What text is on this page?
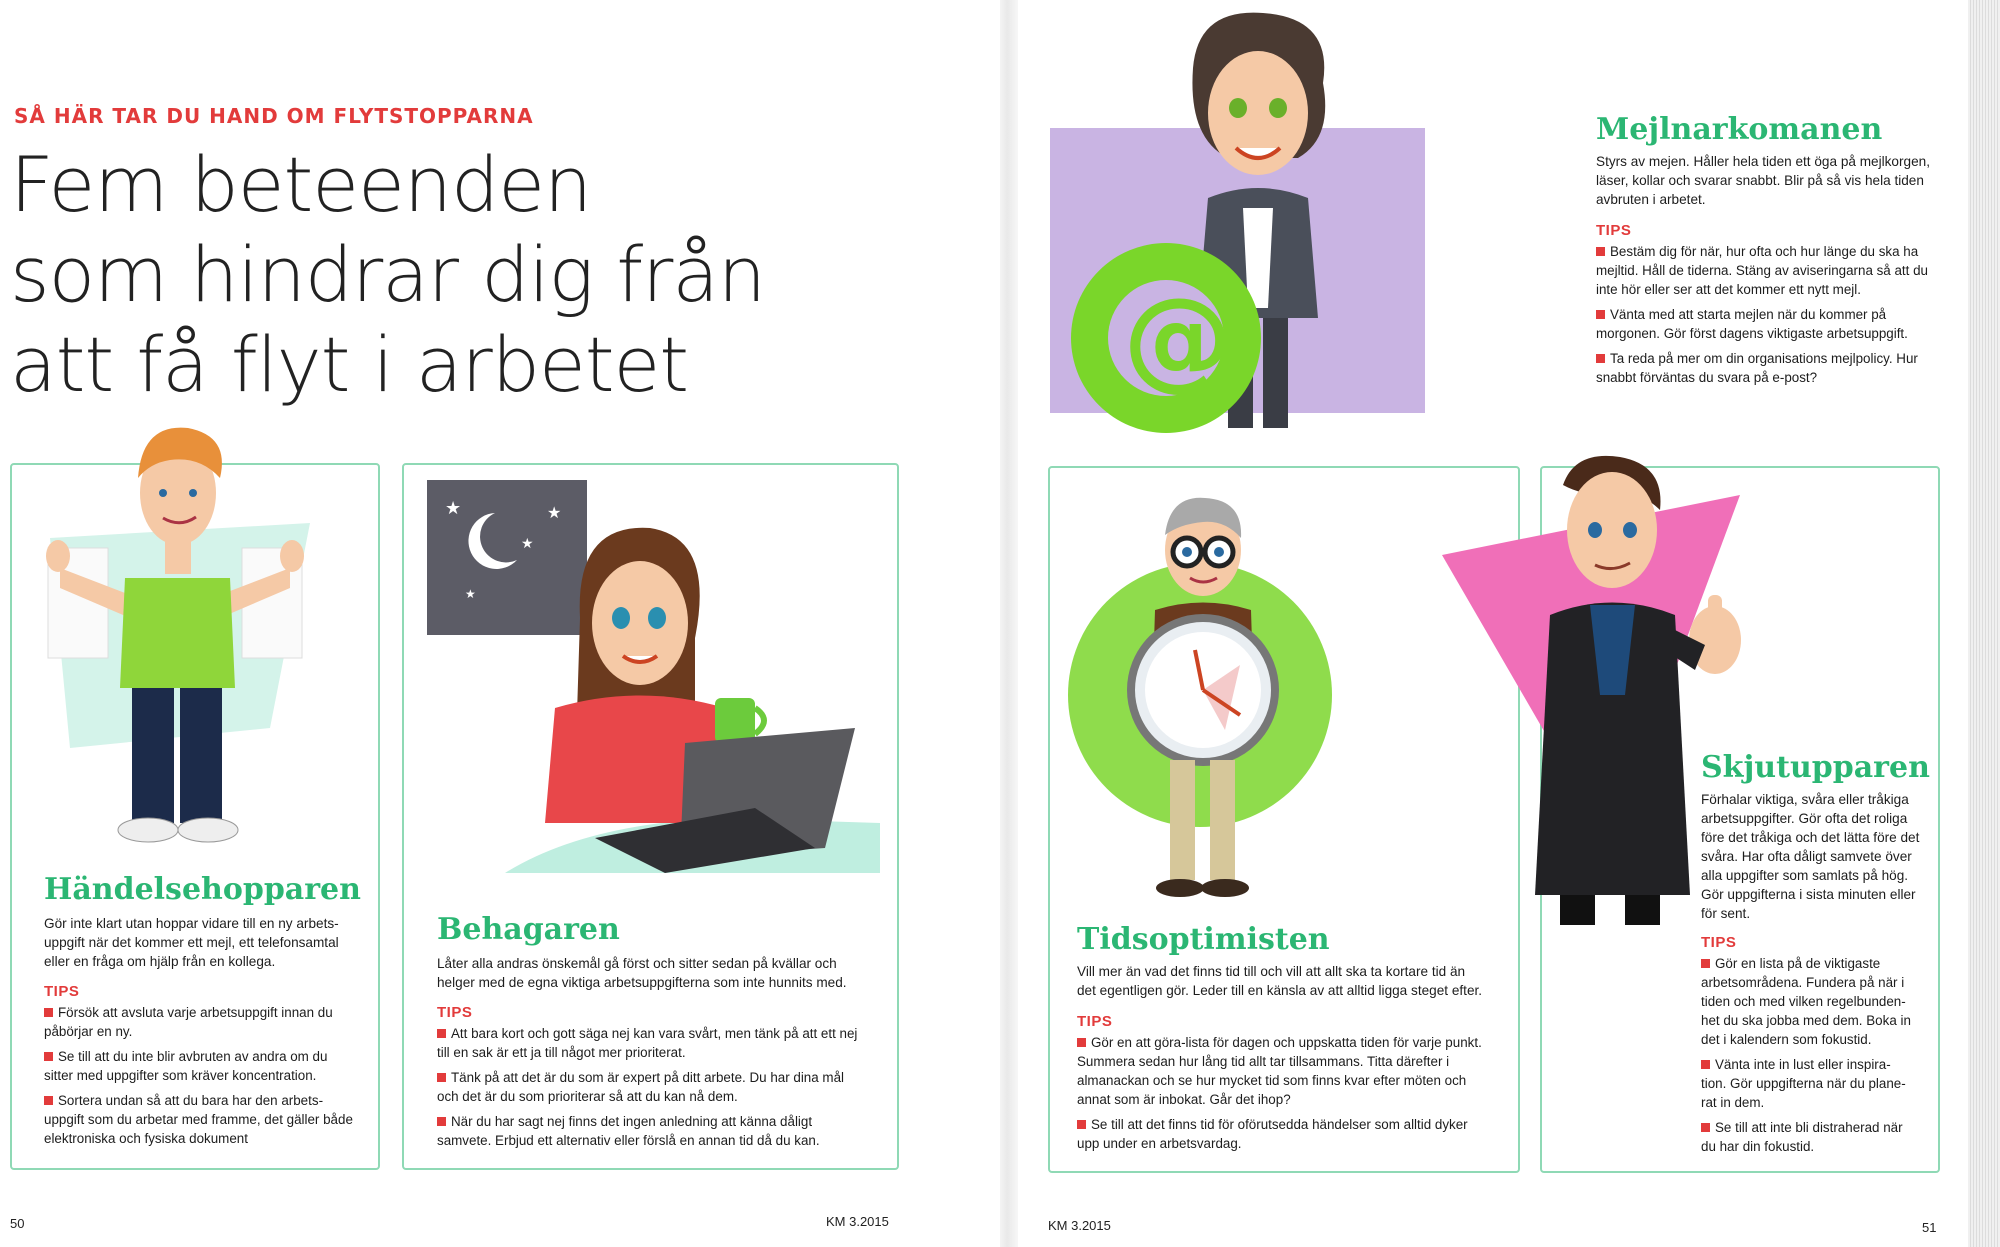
SÅ HÄR TAR DU HAND OM FLYTSTOPPARNA
Fem beteenden
som hindrar dig från
att få flyt i arbetet
Händelsehopparen
Gör inte klart utan hoppar vidare till en ny arbetsuppgift när det kommer ett mejl, ett telefonsamtal eller en fråga om hjälp från en kollega.
TIPS
Försök att avsluta varje arbetsuppgift innan du påbörjar en ny.
Se till att du inte blir avbruten av andra om du sitter med uppgifter som kräver koncentration.
Sortera undan så att du bara har den arbetsuppgift som du arbetar med framme, det gäller både elektroniska och fysiska dokument
★	★
★
★
Behagaren
Låter alla andras önskemål gå först och sitter sedan på kvällar och helger med de egna viktiga arbetsuppgifterna som inte hunnits med.
TIPS
Att bara kort och gott säga nej kan vara svårt, men tänk på att ett nej till en sak är ett ja till något mer prioriterat.
Tänk på att det är du som är expert på ditt arbete. Du har dina mål och det är du som prioriterar så att du kan nå dem.
När du har sagt nej finns det ingen anledning att känna dåligt samvete. Erbjud ett alternativ eller förslå en annan tid då du kan.
50	KM 3.2015
@
Mejlnarkomanen
Styrs av mejen. Håller hela tiden ett öga på mejlkorgen, läser, kollar och svarar snabbt. Blir på så vis hela tiden avbruten i arbetet.
TIPS
Bestäm dig för när, hur ofta och hur länge du ska ha mejltid. Håll de tiderna. Stäng av aviseringarna så att du inte hör eller ser att det kommer ett nytt mejl.
Vänta med att starta mejlen när du kommer på morgonen. Gör först dagens viktigaste arbetsuppgift.
Ta reda på mer om din organisations mejlpolicy. Hur snabbt förväntas du svara på e-post?
Tidsoptimisten
Vill mer än vad det finns tid till och vill att allt ska ta kortare tid än det egentligen gör. Leder till en känsla av att alltid ligga steget efter.
TIPS
Gör en att göra-lista för dagen och uppskatta tiden för varje punkt. Summera sedan hur lång tid allt tar tillsammans. Titta därefter i almanackan och se hur mycket tid som finns kvar efter möten och annat som är inbokat. Går det ihop?
Se till att det finns tid för oförutsedda händelser som alltid dyker upp under en arbetsvardag.
Skjutupparen
Förhalar viktiga, svåra eller tråkiga arbetsuppgifter. Gör ofta det roliga före det tråkiga och det lätta före det svåra. Har ofta dåligt samvete över alla uppgifter som samlats på hög. Gör uppgifterna i sista minuten eller för sent.
TIPS
Gör en lista på de viktigaste arbetsområdena. Fundera på när i tiden och med vilken regelbundenhet du ska jobba med dem. Boka in det i kalendern som fokustid.
Vänta inte in lust eller inspiration. Gör uppgifterna när du planerat in dem.
Se till att inte bli distraherad när du har din fokustid.
KM 3.2015	51
